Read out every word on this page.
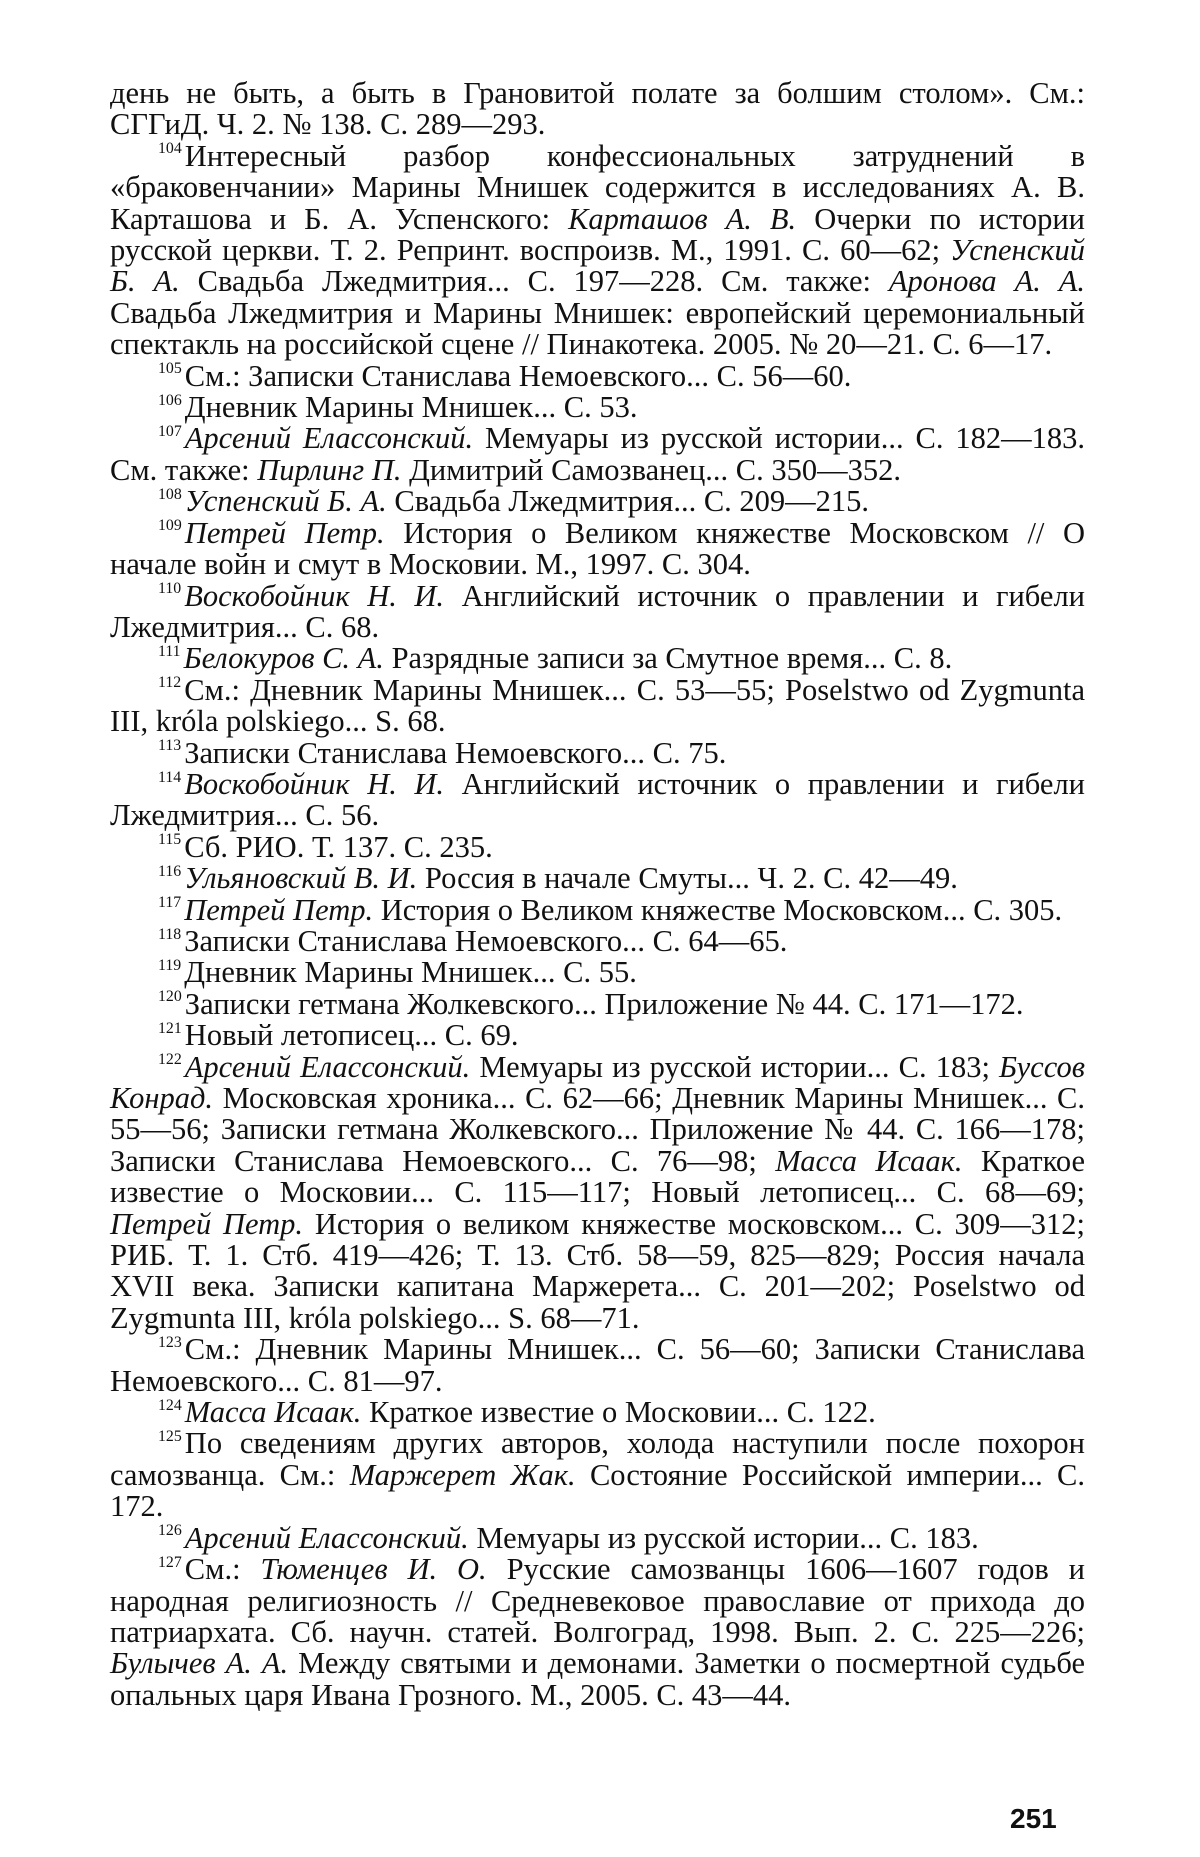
день не быть, а быть в Грановитой полате за болшим столом». См.: СГГиД. Ч. 2. № 138. С. 289—293.

$^{104}$Интересный разбор конфессиональных затруднений в «браковенчании» Марины Мнишек содержится в исследованиях А. В. Карташова и Б. А. Успенского: Карташов А. В. Очерки по истории русской церкви. Т. 2. Репринт. воспроизв. М., 1991. С. 60—62; Успенский Б. А. Свадьба Лжедмитрия... С. 197—228. См. также: Аронова А. А. Свадьба Лжедмитрия и Марины Мнишек: европейский церемониальный спектакль на российской сцене // Пинакотека. 2005. № 20—21. С. 6—17.

$^{105}$См.: Записки Станислава Немоевского... С. 56—60.

$^{106}$Дневник Марины Мнишек... С. 53.

$^{107}$Арсений Елассонский. Мемуары из русской истории... С. 182—183. См. также: Пирлинг П. Димитрий Самозванец... С. 350—352.

$^{108}$Успенский Б. А. Свадьба Лжедмитрия... С. 209—215.

$^{109}$Петрей Петр. История о Великом княжестве Московском // О начале войн и смут в Московии. М., 1997. С. 304.

$^{110}$Воскобойник Н. И. Английский источник о правлении и гибели Лжедмитрия... С. 68.

$^{111}$Белокуров С. А. Разрядные записи за Смутное время... С. 8.

$^{112}$См.: Дневник Марины Мнишек... С. 53—55; Poselstwo od Zygmunta III, króla polskiego... S. 68.

$^{113}$Записки Станислава Немоевского... С. 75.

$^{114}$Воскобойник Н. И. Английский источник о правлении и гибели Лжедмитрия... С. 56.

$^{115}$Сб. РИО. Т. 137. С. 235.

$^{116}$Ульяновский В. И. Россия в начале Смуты... Ч. 2. С. 42—49.

$^{117}$Петрей Петр. История о Великом княжестве Московском... С. 305.

$^{118}$Записки Станислава Немоевского... С. 64—65.

$^{119}$Дневник Марины Мнишек... С. 55.

$^{120}$Записки гетмана Жолкевского... Приложение № 44. С. 171—172.

$^{121}$Новый летописец... С. 69.

$^{122}$Арсений Елассонский. Мемуары из русской истории... С. 183; Буссов Конрад. Московская хроника... С. 62—66; Дневник Марины Мнишек... С. 55—56; Записки гетмана Жолкевского... Приложение № 44. С. 166—178; Записки Станислава Немоевского... С. 76—98; Масса Исаак. Краткое известие о Московии... С. 115—117; Новый летописец... С. 68—69; Петрей Петр. История о великом княжестве московском... С. 309—312; РИБ. Т. 1. Стб. 419—426; Т. 13. Стб. 58—59, 825—829; Россия начала XVII века. Записки капитана Маржерета... С. 201—202; Poselstwo od Zygmunta III, króla polskiego... S. 68—71.

$^{123}$См.: Дневник Марины Мнишек... С. 56—60; Записки Станислава Немоевского... С. 81—97.

$^{124}$Масса Исаак. Краткое известие о Московии... С. 122.

$^{125}$По сведениям других авторов, холода наступили после похорон самозванца. См.: Маржерет Жак. Состояние Российской империи... С. 172.

$^{126}$Арсений Елассонский. Мемуары из русской истории... С. 183.

$^{127}$См.: Тюменцев И. О. Русские самозванцы 1606—1607 годов и народная религиозность // Средневековое православие от прихода до патриархата. Сб. научн. статей. Волгоград, 1998. Вып. 2. С. 225—226; Булычев А. А. Между святыми и демонами. Заметки о посмертной судьбе опальных царя Ивана Грозного. М., 2005. С. 43—44.

251
